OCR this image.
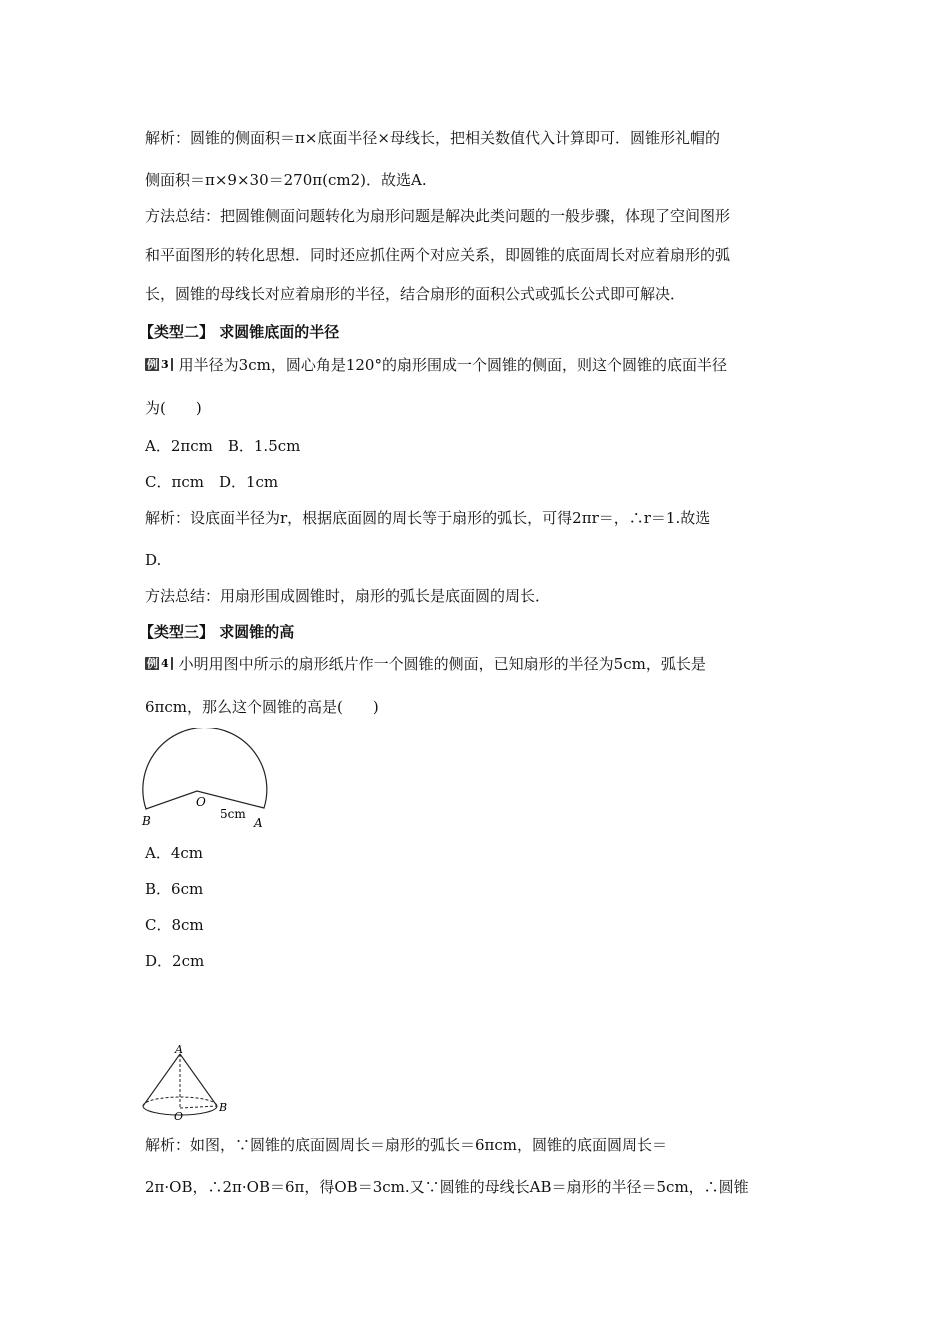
解析：圆锥的侧面积＝π×底面半径×母线长，把相关数值代入计算即可．圆锥形礼帽的
侧面积＝π×9×30＝270π(cm2)．故选A.
方法总结：把圆锥侧面问题转化为扇形问题是解决此类问题的一般步骤，体现了空间图形
和平面图形的转化思想．同时还应抓住两个对应关系，即圆锥的底面周长对应着扇形的弧
长，圆锥的母线长对应着扇形的半径，结合扇形的面积公式或弧长公式即可解决．
【类型二】 求圆锥底面的半径
例 3 用半径为3cm，圆心角是120°的扇形围成一个圆锥的侧面，则这个圆锥的底面半径
为(　　)
A．2πcm　B．1.5cm
C．πcm　D．1cm
解析：设底面半径为r，根据底面圆的周长等于扇形的弧长，可得2πr＝，∴r＝1.故选
D.
方法总结：用扇形围成圆锥时，扇形的弧长是底面圆的周长．
【类型三】 求圆锥的高
例 4 小明用图中所示的扇形纸片作一个圆锥的侧面，已知扇形的半径为5cm，弧长是
6πcm，那么这个圆锥的高是(　　)
O
B	5cm
A
A．4cm
B．6cm
C．8cm
D．2cm
A
O
B
解析：如图，∵圆锥的底面圆周长＝扇形的弧长＝6πcm，圆锥的底面圆周长＝
2π·OB，∴2π·OB＝6π，得OB＝3cm.又∵圆锥的母线长AB＝扇形的半径＝5cm，∴圆锥
